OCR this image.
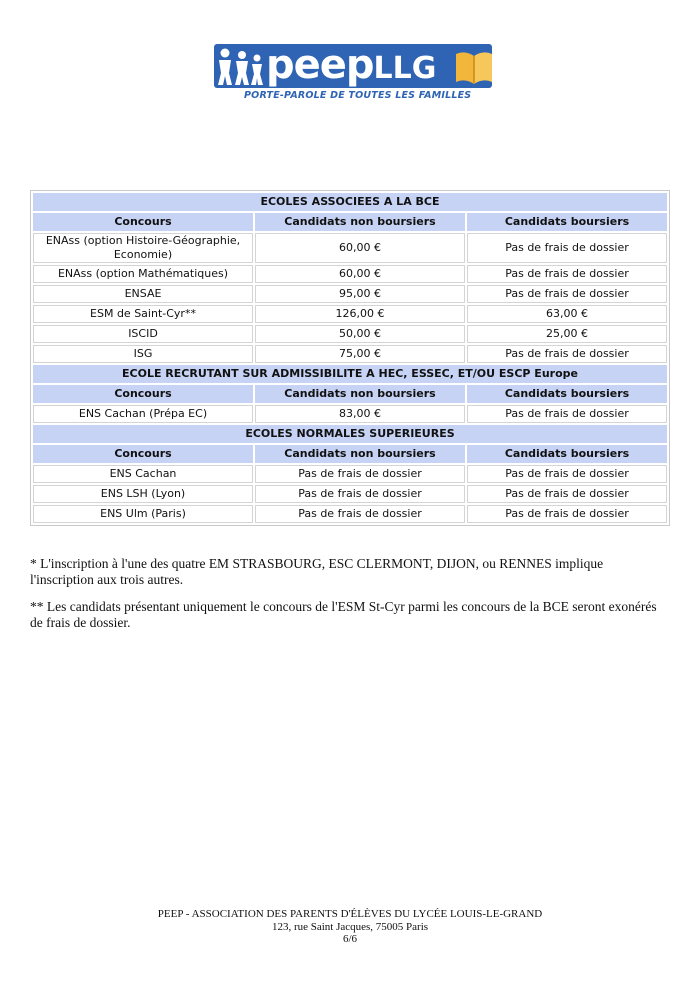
peepLLG
PORTE-PAROLE DE TOUTES LES FAMILLES
ECOLES ASSOCIEES A LA BCE		
Concours	Candidats non boursiers	Candidats boursiers
ENAss (option Histoire-Géographie, Economie)	60,00 €	Pas de frais de dossier
ENAss (option Mathématiques)	60,00 €	Pas de frais de dossier
ENSAE	95,00 €	Pas de frais de dossier
ESM de Saint-Cyr**	126,00 €	63,00 €
ISCID	50,00 €	25,00 €
ISG	75,00 €	Pas de frais de dossier
ECOLE RECRUTANT SUR ADMISSIBILITE A HEC, ESSEC, ET/OU ESCP Europe		
Concours	Candidats non boursiers	Candidats boursiers
ENS Cachan (Prépa EC)	83,00 €	Pas de frais de dossier
ECOLES NORMALES SUPERIEURES		
Concours	Candidats non boursiers	Candidats boursiers
ENS Cachan	Pas de frais de dossier	Pas de frais de dossier
ENS LSH (Lyon)	Pas de frais de dossier	Pas de frais de dossier
ENS Ulm (Paris)	Pas de frais de dossier	Pas de frais de dossier

* L'inscription à l'une des quatre EM STRASBOURG, ESC CLERMONT, DIJON, ou RENNES implique l'inscription aux trois autres.

** Les candidats présentant uniquement le concours de l'ESM St-Cyr parmi les concours de la BCE seront exonérés de frais de dossier.

PEEP - ASSOCIATION DES PARENTS D'ÉLÈVES DU LYCÉE LOUIS-LE-GRAND
123, rue Saint Jacques, 75005 Paris
6/6
